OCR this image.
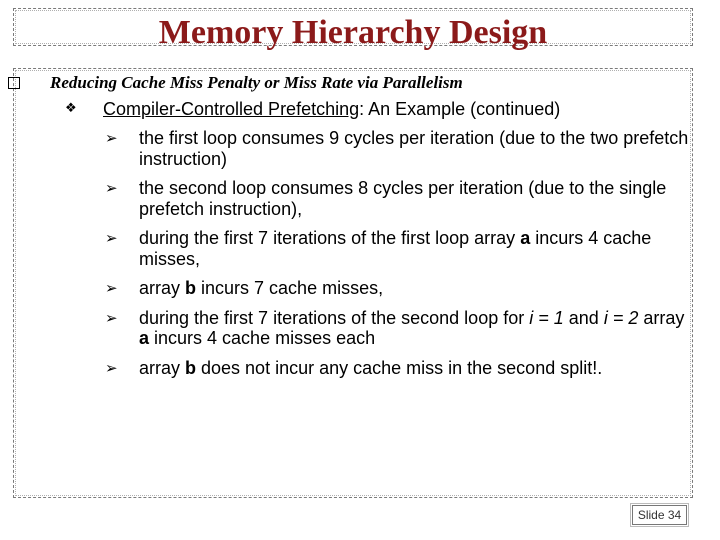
Memory Hierarchy Design
Reducing Cache Miss Penalty or Miss Rate via Parallelism
❖ Compiler-Controlled Prefetching: An Example (continued)
➢	the first loop consumes 9 cycles per iteration (due to the two prefetch instruction)
➢	the second loop consumes 8 cycles per iteration (due to the single prefetch instruction),
➢	during the first 7 iterations of the first loop array a incurs 4 cache misses,
➢	array b incurs 7 cache misses,
➢	during the first 7 iterations of the second loop for i = 1 and i = 2 array a incurs 4 cache misses each
➢	array b does not incur any cache miss in the second split!.
Slide 34
